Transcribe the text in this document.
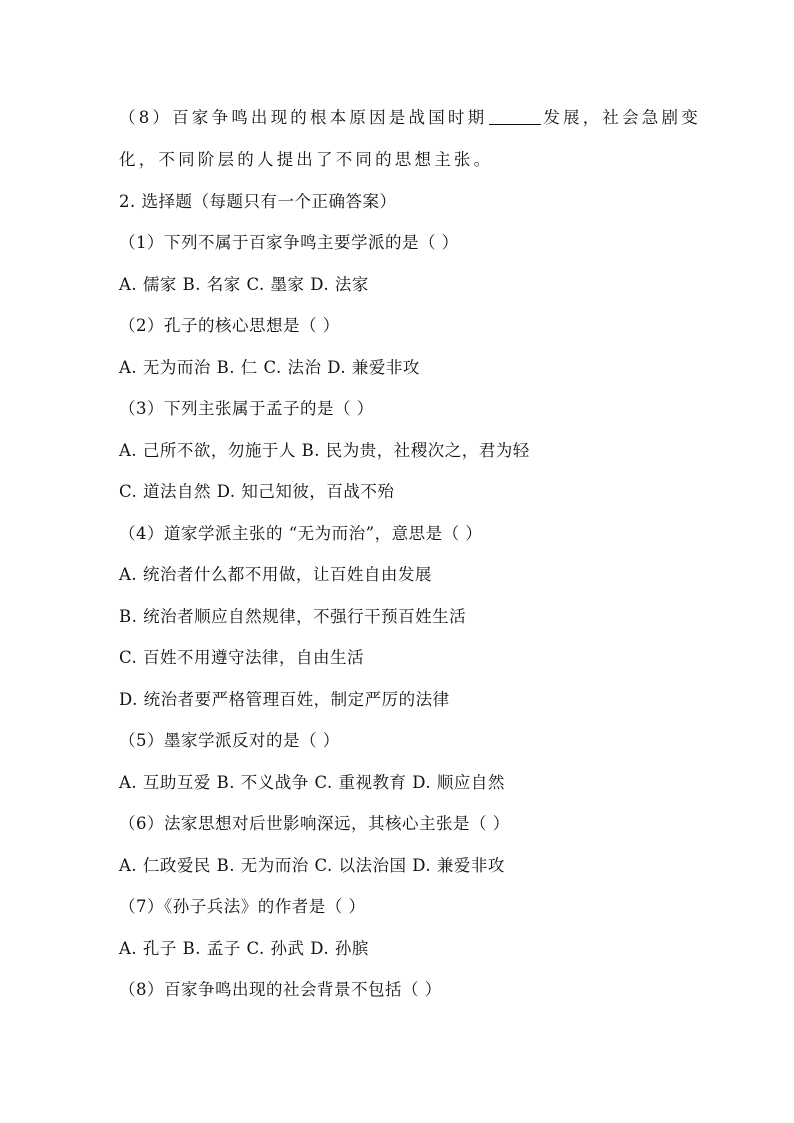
（8）百家争鸣出现的根本原因是战国时期	发展，社会急剧变
化，不同阶层的人提出了不同的思想主张。
2. 选择题（每题只有一个正确答案）
（1）下列不属于百家争鸣主要学派的是（ ）
A. 儒家 B. 名家 C. 墨家 D. 法家
（2）孔子的核心思想是（ ）
A. 无为而治 B. 仁 C. 法治 D. 兼爱非攻
（3）下列主张属于孟子的是（ ）
A. 己所不欲，勿施于人 B. 民为贵，社稷次之，君为轻
C. 道法自然 D. 知己知彼，百战不殆
（4）道家学派主张的 “无为而治”，意思是（ ）
A. 统治者什么都不用做，让百姓自由发展
B. 统治者顺应自然规律，不强行干预百姓生活
C. 百姓不用遵守法律，自由生活
D. 统治者要严格管理百姓，制定严厉的法律
（5）墨家学派反对的是（ ）
A. 互助互爱 B. 不义战争 C. 重视教育 D. 顺应自然
（6）法家思想对后世影响深远，其核心主张是（ ）
A. 仁政爱民 B. 无为而治 C. 以法治国 D. 兼爱非攻
（7）《孙子兵法》的作者是（ ）
A. 孔子 B. 孟子 C. 孙武 D. 孙膑
（8）百家争鸣出现的社会背景不包括（ ）
